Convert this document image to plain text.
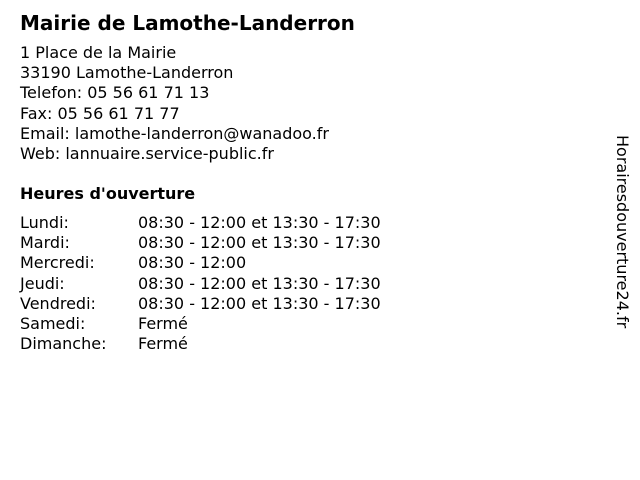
Mairie de Lamothe-Landerron
1 Place de la Mairie
33190 Lamothe-Landerron
Telefon: 05 56 61 71 13
Fax: 05 56 61 71 77
Email: lamothe-landerron@wanadoo.fr
Web: lannuaire.service-public.fr
Heures d'ouverture
Lundi:	08:30 - 12:00 et 13:30 - 17:30
Mardi:	08:30 - 12:00 et 13:30 - 17:30
Mercredi:	08:30 - 12:00
Jeudi:	08:30 - 12:00 et 13:30 - 17:30
Vendredi:	08:30 - 12:00 et 13:30 - 17:30
Samedi:	Fermé
Dimanche: Fermé
Horairesdouverture24.fr
